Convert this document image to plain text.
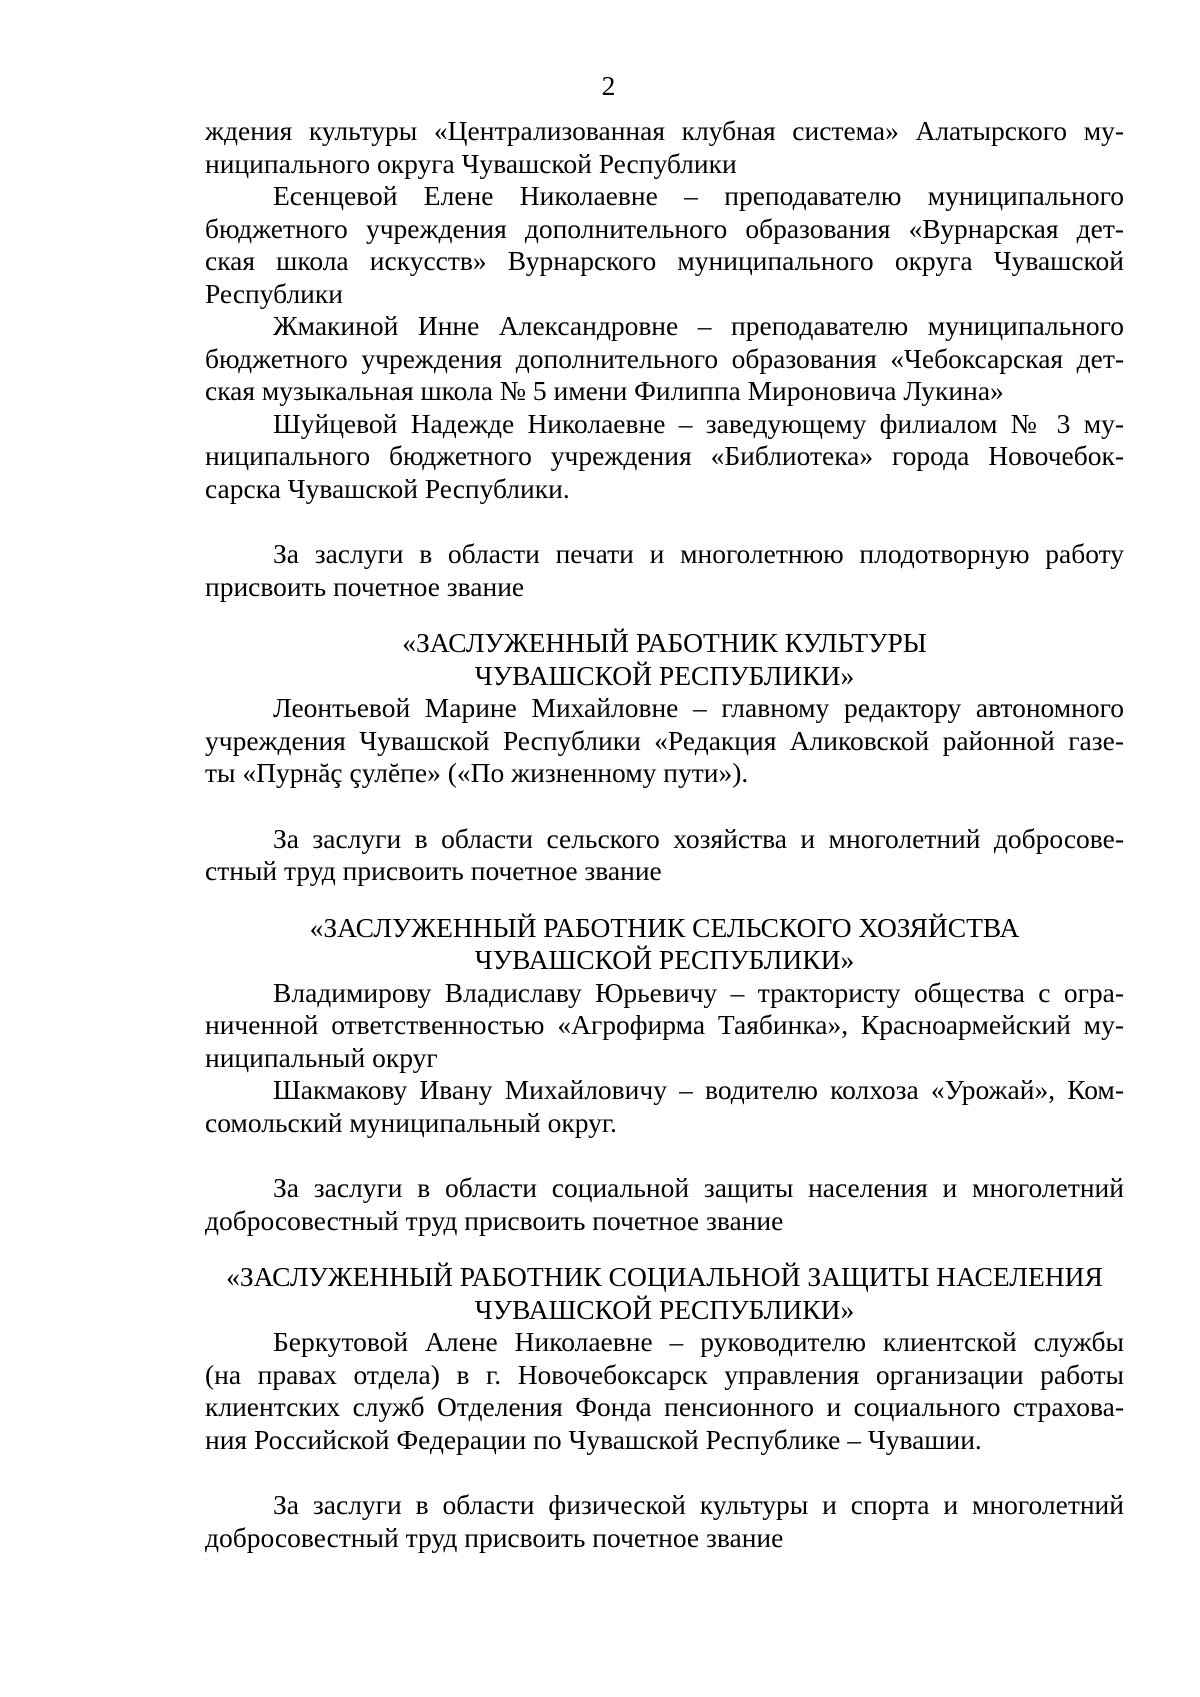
2
ждения культуры «Централизованная клубная система» Алатырского му-
ниципального округа Чувашской Республики
Есенцевой Елене Николаевне – преподавателю муниципального
бюджетного учреждения дополнительного образования «Вурнарская дет-
ская школа искусств» Вурнарского муниципального округа Чувашской
Республики
Жмакиной Инне Александровне – преподавателю муниципального
бюджетного учреждения дополнительного образования «Чебоксарская дет-
ская музыкальная школа № 5 имени Филиппа Мироновича Лукина»
Шуйцевой Надежде Николаевне – заведующему филиалом № 3 му-
ниципального бюджетного учреждения «Библиотека» города Новочебок-
сарска Чувашской Республики.
За заслуги в области печати и многолетнюю плодотворную работу
присвоить почетное звание
«ЗАСЛУЖЕННЫЙ РАБОТНИК КУЛЬТУРЫ
ЧУВАШСКОЙ РЕСПУБЛИКИ»
Леонтьевой Марине Михайловне – главному редактору автономного
учреждения Чувашской Республики «Редакция Аликовской районной газе-
ты «Пурнăç çулĕпе» («По жизненному пути»).
За заслуги в области сельского хозяйства и многолетний добросове-
стный труд присвоить почетное звание
«ЗАСЛУЖЕННЫЙ РАБОТНИК СЕЛЬСКОГО ХОЗЯЙСТВА
ЧУВАШСКОЙ РЕСПУБЛИКИ»
Владимирову Владиславу Юрьевичу – трактористу общества с огра-
ниченной ответственностью «Агрофирма Таябинка», Красноармейский му-
ниципальный округ
Шакмакову Ивану Михайловичу – водителю колхоза «Урожай», Ком-
сомольский муниципальный округ.
За заслуги в области социальной защиты населения и многолетний
добросовестный труд присвоить почетное звание
«ЗАСЛУЖЕННЫЙ РАБОТНИК СОЦИАЛЬНОЙ ЗАЩИТЫ НАСЕЛЕНИЯ
ЧУВАШСКОЙ РЕСПУБЛИКИ»
Беркутовой Алене Николаевне – руководителю клиентской службы
(на правах отдела) в г. Новочебоксарск управления организации работы
клиентских служб Отделения Фонда пенсионного и социального страхова-
ния Российской Федерации по Чувашской Республике – Чувашии.
За заслуги в области физической культуры и спорта и многолетний
добросовестный труд присвоить почетное звание
